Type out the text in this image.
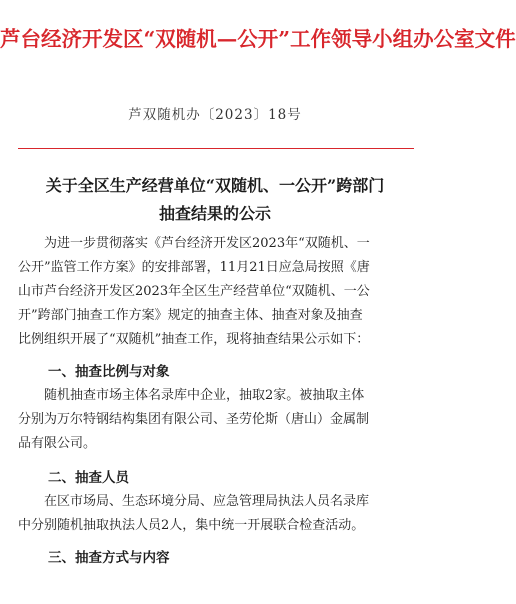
芦台经济开发区“双随机—公开”工作领导小组办公室文件
芦双随机办〔2023〕18号
关于全区生产经营单位“双随机、一公开”跨部门
抽查结果的公示
为进一步贯彻落实《芦台经济开发区2023年“双随机、一
公开”监管工作方案》的安排部署，11月21日应急局按照《唐
山市芦台经济开发区2023年全区生产经营单位“双随机、一公
开”跨部门抽查工作方案》规定的抽查主体、抽查对象及抽查
比例组织开展了“双随机”抽查工作，现将抽查结果公示如下：
一、抽查比例与对象
随机抽查市场主体名录库中企业，抽取2家。被抽取主体
分别为万尔特钢结构集团有限公司、圣劳伦斯（唐山）金属制
品有限公司。
二、抽查人员
在区市场局、生态环境分局、应急管理局执法人员名录库
中分别随机抽取执法人员2人，集中统一开展联合检查活动。
三、抽查方式与内容
